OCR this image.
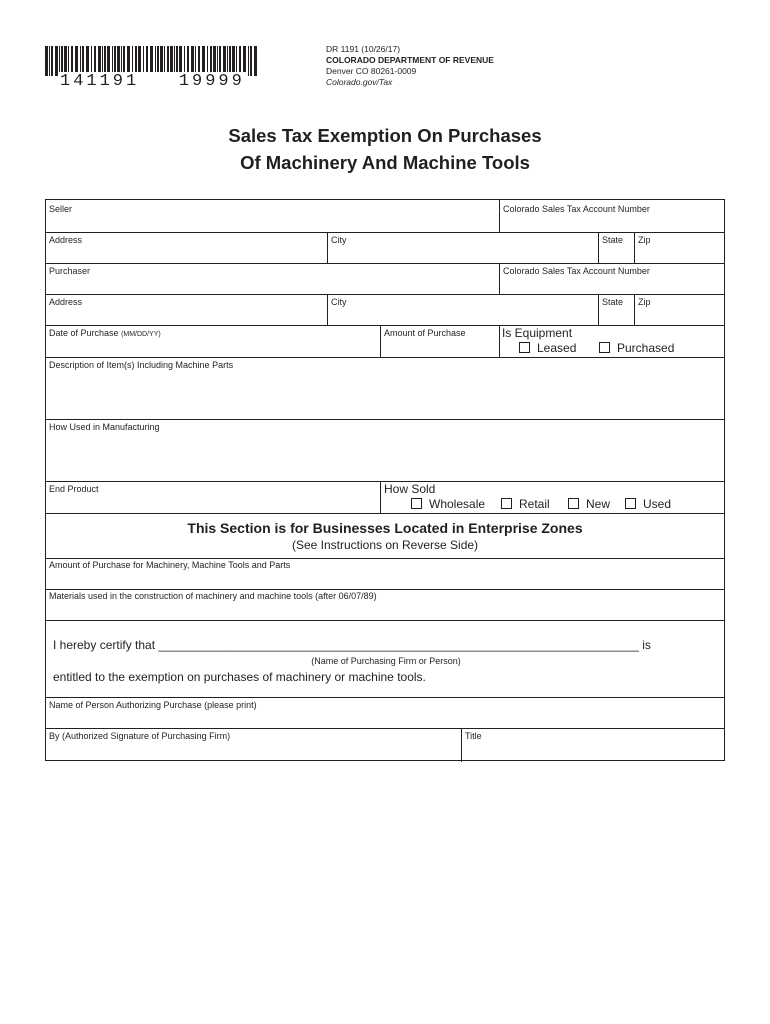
141191   19999
DR 1191 (10/26/17)
COLORADO DEPARTMENT OF REVENUE
Denver CO 80261-0009
Colorado.gov/Tax
Sales Tax Exemption On Purchases
Of Machinery And Machine Tools
Seller	Colorado Sales Tax Account Number
Address	City	State Zip
Purchaser	Colorado Sales Tax Account Number
Address	City	State Zip
Date of Purchase (MM/DD/YY)	Amount of Purchase	Is Equipment
Leased	Purchased
Description of Item(s) Including Machine Parts
How Used in Manufacturing
End Product	How Sold
Wholesale	Retail	New	Used
Amount of Purchase for Machinery, Machine Tools and Parts
Materials used in the construction of machinery and machine tools (after 06/07/89)
I hereby certify that ________________________________________________________________________ is
(Name of Purchasing Firm or Person)
entitled to the exemption on purchases of machinery or machine tools.
Name of Person Authorizing Purchase (please print)
By (Authorized Signature of Purchasing Firm)	Title
This Section is for Businesses Located in Enterprise Zones
(See Instructions on Reverse Side)
